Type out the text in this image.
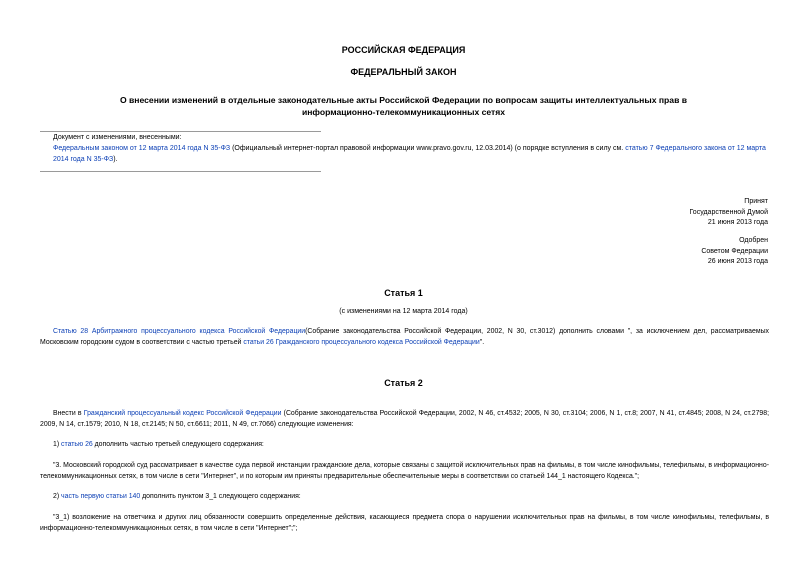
РОССИЙСКАЯ ФЕДЕРАЦИЯ
ФЕДЕРАЛЬНЫЙ ЗАКОН
О внесении изменений в отдельные законодательные акты Российской Федерации по вопросам защиты интеллектуальных прав в информационно-телекоммуникационных сетях
Документ с изменениями, внесенными:
Федеральным законом от 12 марта 2014 года N 35-ФЗ (Официальный интернет-портал правовой информации www.pravo.gov.ru, 12.03.2014) (о порядке вступления в силу см. статью 7 Федерального закона от 12 марта 2014 года N 35-ФЗ).
Принят
Государственной Думой
21 июня 2013 года
Одобрен
Советом Федерации
26 июня 2013 года
Статья 1
(с изменениями на 12 марта 2014 года)
Статью 28 Арбитражного процессуального кодекса Российской Федерации(Собрание законодательства Российской Федерации, 2002, N 30, ст.3012) дополнить словами ", за исключением дел, рассматриваемых Московским городским судом в соответствии с частью третьей статьи 26 Гражданского процессуального кодекса Российской Федерации".
Статья 2
Внести в Гражданский процессуальный кодекс Российской Федерации (Собрание законодательства Российской Федерации, 2002, N 46, ст.4532; 2005, N 30, ст.3104; 2006, N 1, ст.8; 2007, N 41, ст.4845; 2008, N 24, ст.2798; 2009, N 14, ст.1579; 2010, N 18, ст.2145; N 50, ст.6611; 2011, N 49, ст.7066) следующие изменения:
1) статью 26 дополнить частью третьей следующего содержания:
"3. Московский городской суд рассматривает в качестве суда первой инстанции гражданские дела, которые связаны с защитой исключительных прав на фильмы, в том числе кинофильмы, телефильмы, в информационно-телекоммуникационных сетях, в том числе в сети "Интернет", и по которым им приняты предварительные обеспечительные меры в соответствии со статьей 144_1 настоящего Кодекса.";
2) часть первую статьи 140 дополнить пунктом 3_1 следующего содержания:
"3_1) возложение на ответчика и других лиц обязанности совершить определенные действия, касающиеся предмета спора о нарушении исключительных прав на фильмы, в том числе кинофильмы, телефильмы, в информационно-телекоммуникационных сетях, в том числе в сети "Интернет";";
